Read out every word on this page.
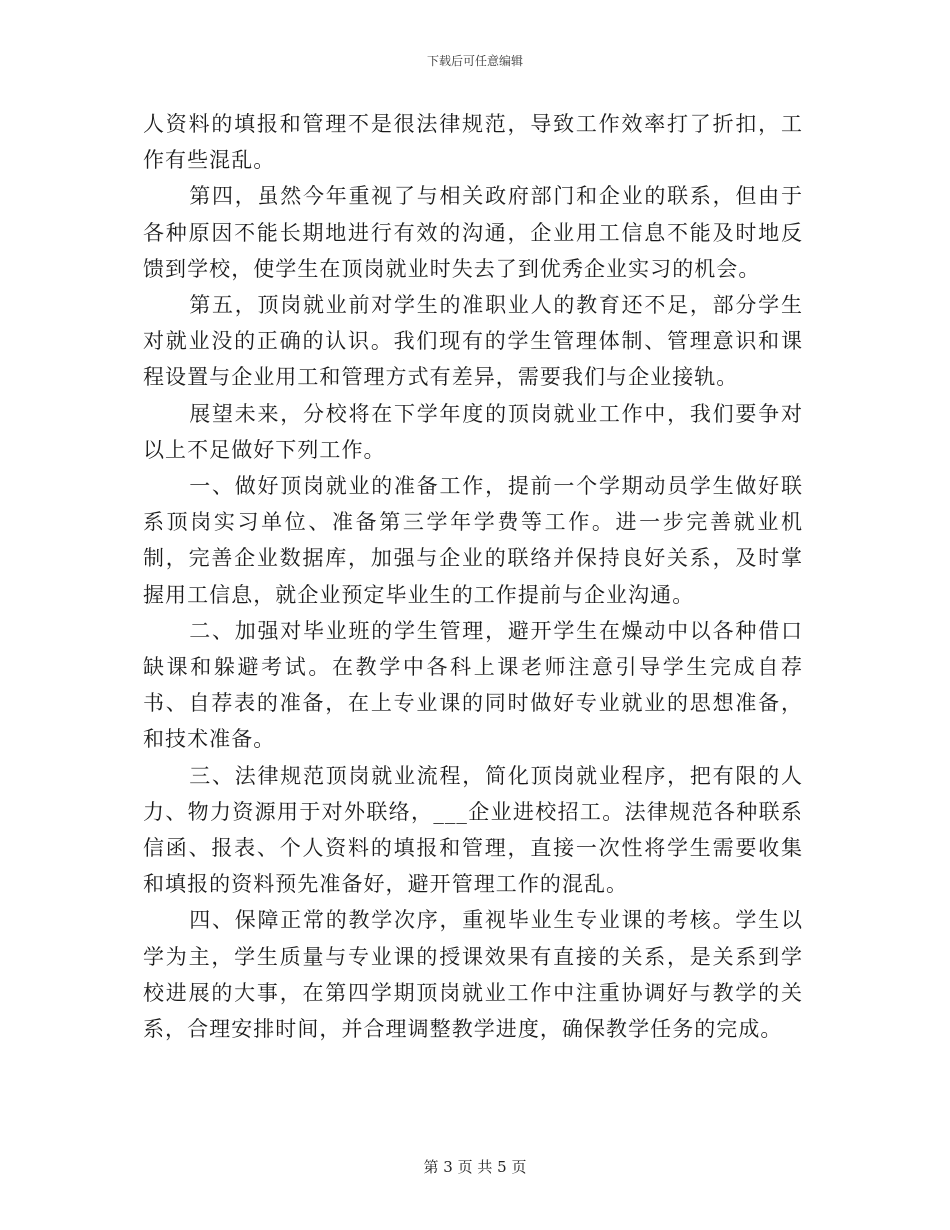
下载后可任意编辑

人资料的填报和管理不是很法律规范，导致工作效率打了折扣，工作有些混乱。

第四，虽然今年重视了与相关政府部门和企业的联系，但由于各种原因不能长期地进行有效的沟通，企业用工信息不能及时地反馈到学校，使学生在顶岗就业时失去了到优秀企业实习的机会。

第五，顶岗就业前对学生的准职业人的教育还不足，部分学生对就业没的正确的认识。我们现有的学生管理体制、管理意识和课程设置与企业用工和管理方式有差异，需要我们与企业接轨。

展望未来，分校将在下学年度的顶岗就业工作中，我们要争对以上不足做好下列工作。

一、做好顶岗就业的准备工作，提前一个学期动员学生做好联系顶岗实习单位、准备第三学年学费等工作。进一步完善就业机制，完善企业数据库，加强与企业的联络并保持良好关系，及时掌握用工信息，就企业预定毕业生的工作提前与企业沟通。

二、加强对毕业班的学生管理，避开学生在燥动中以各种借口缺课和躲避考试。在教学中各科上课老师注意引导学生完成自荐书、自荐表的准备，在上专业课的同时做好专业就业的思想准备，和技术准备。

三、法律规范顶岗就业流程，简化顶岗就业程序，把有限的人力、物力资源用于对外联络，___企业进校招工。法律规范各种联系信函、报表、个人资料的填报和管理，直接一次性将学生需要收集和填报的资料预先准备好，避开管理工作的混乱。

四、保障正常的教学次序，重视毕业生专业课的考核。学生以学为主，学生质量与专业课的授课效果有直接的关系，是关系到学校进展的大事，在第四学期顶岗就业工作中注重协调好与教学的关系，合理安排时间，并合理调整教学进度，确保教学任务的完成。

第 3 页 共 5 页
